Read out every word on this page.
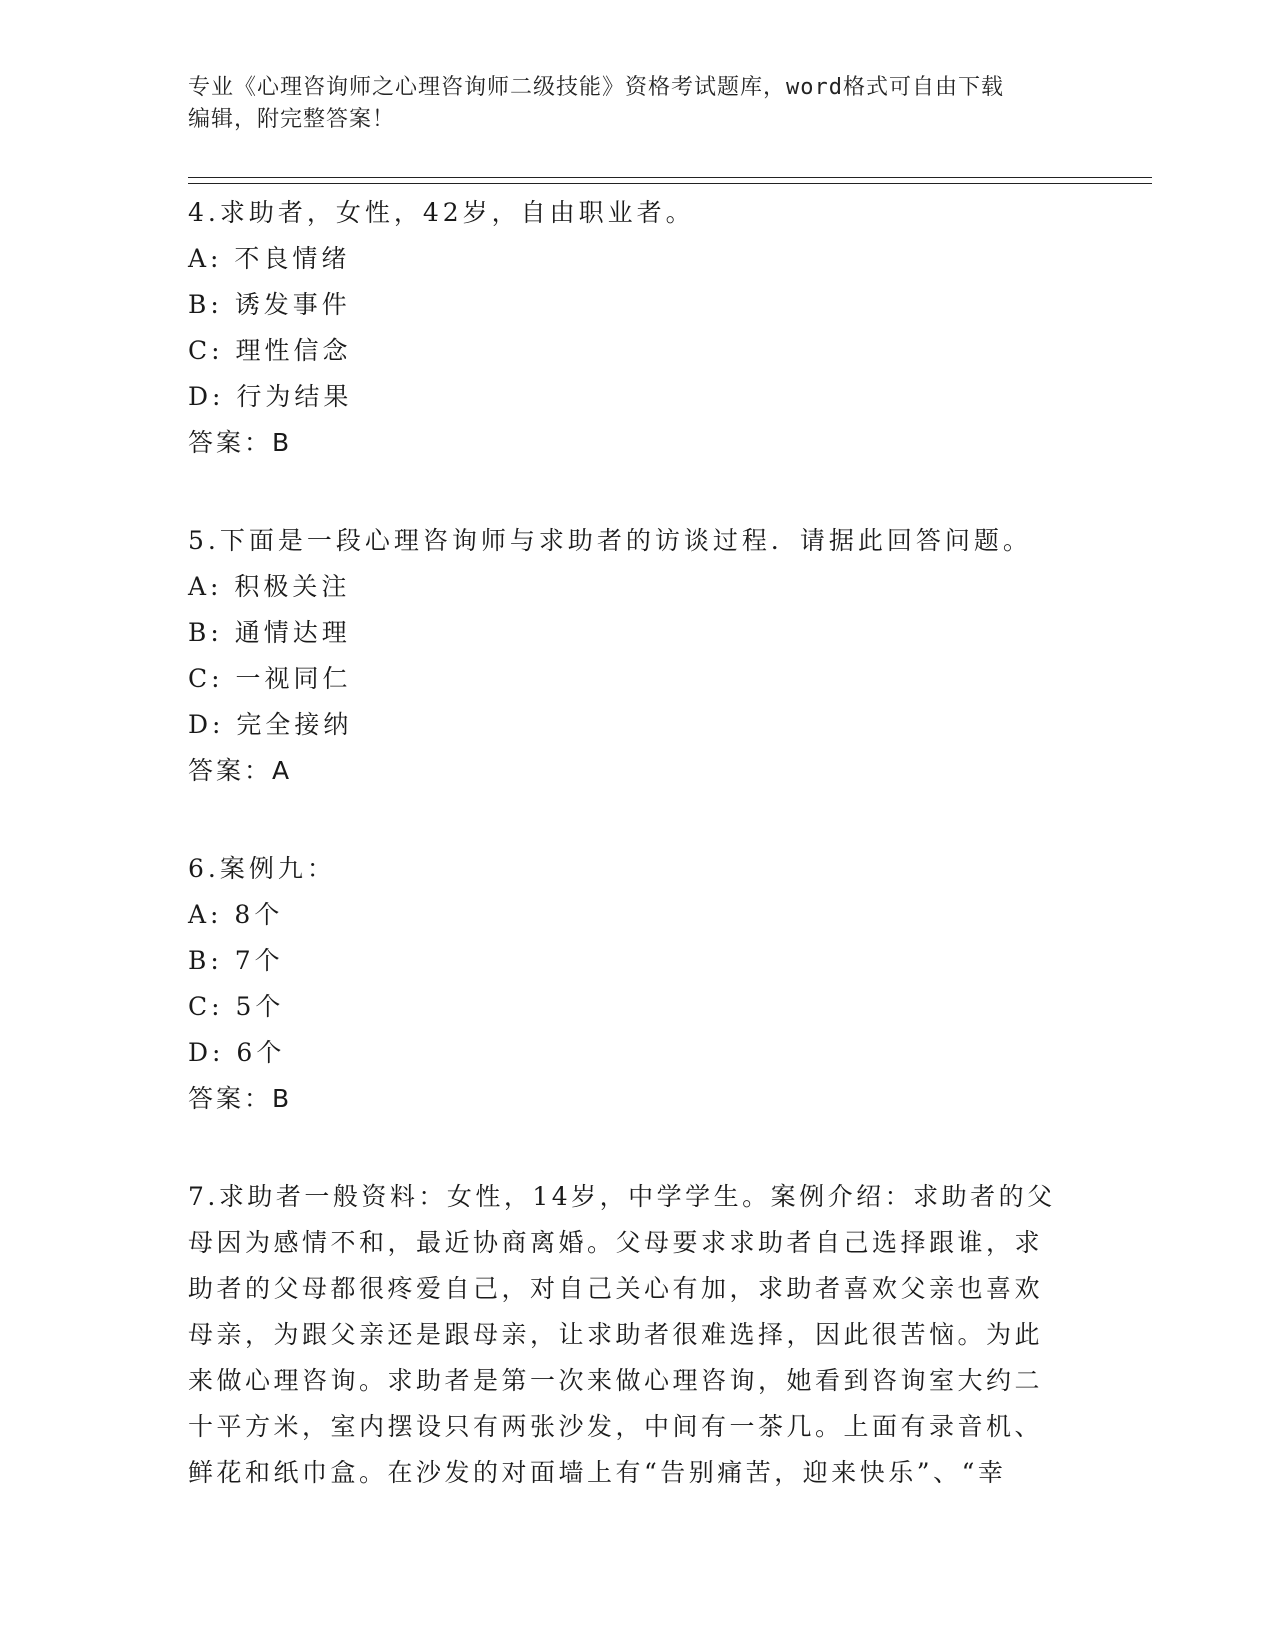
专业《心理咨询师之心理咨询师二级技能》资格考试题库，word格式可自由下载
编辑，附完整答案！

4.求助者，女性，42岁，自由职业者。

A: 不良情绪

B: 诱发事件

C: 理性信念

D: 行为结果

答案：B

5.下面是一段心理咨询师与求助者的访谈过程．请据此回答问题。

A: 积极关注

B: 通情达理

C: 一视同仁

D: 完全接纳

答案：A

6.案例九：

A: 8个

B: 7个

C: 5个

D: 6个

答案：B

7.求助者一般资料：女性，14岁，中学学生。案例介绍：求助者的父

母因为感情不和，最近协商离婚。父母要求求助者自己选择跟谁，求

助者的父母都很疼爱自己，对自己关心有加，求助者喜欢父亲也喜欢

母亲，为跟父亲还是跟母亲，让求助者很难选择，因此很苦恼。为此

来做心理咨询。求助者是第一次来做心理咨询，她看到咨询室大约二

十平方米，室内摆设只有两张沙发，中间有一茶几。上面有录音机、

鲜花和纸巾盒。在沙发的对面墙上有“告别痛苦，迎来快乐”、“幸
